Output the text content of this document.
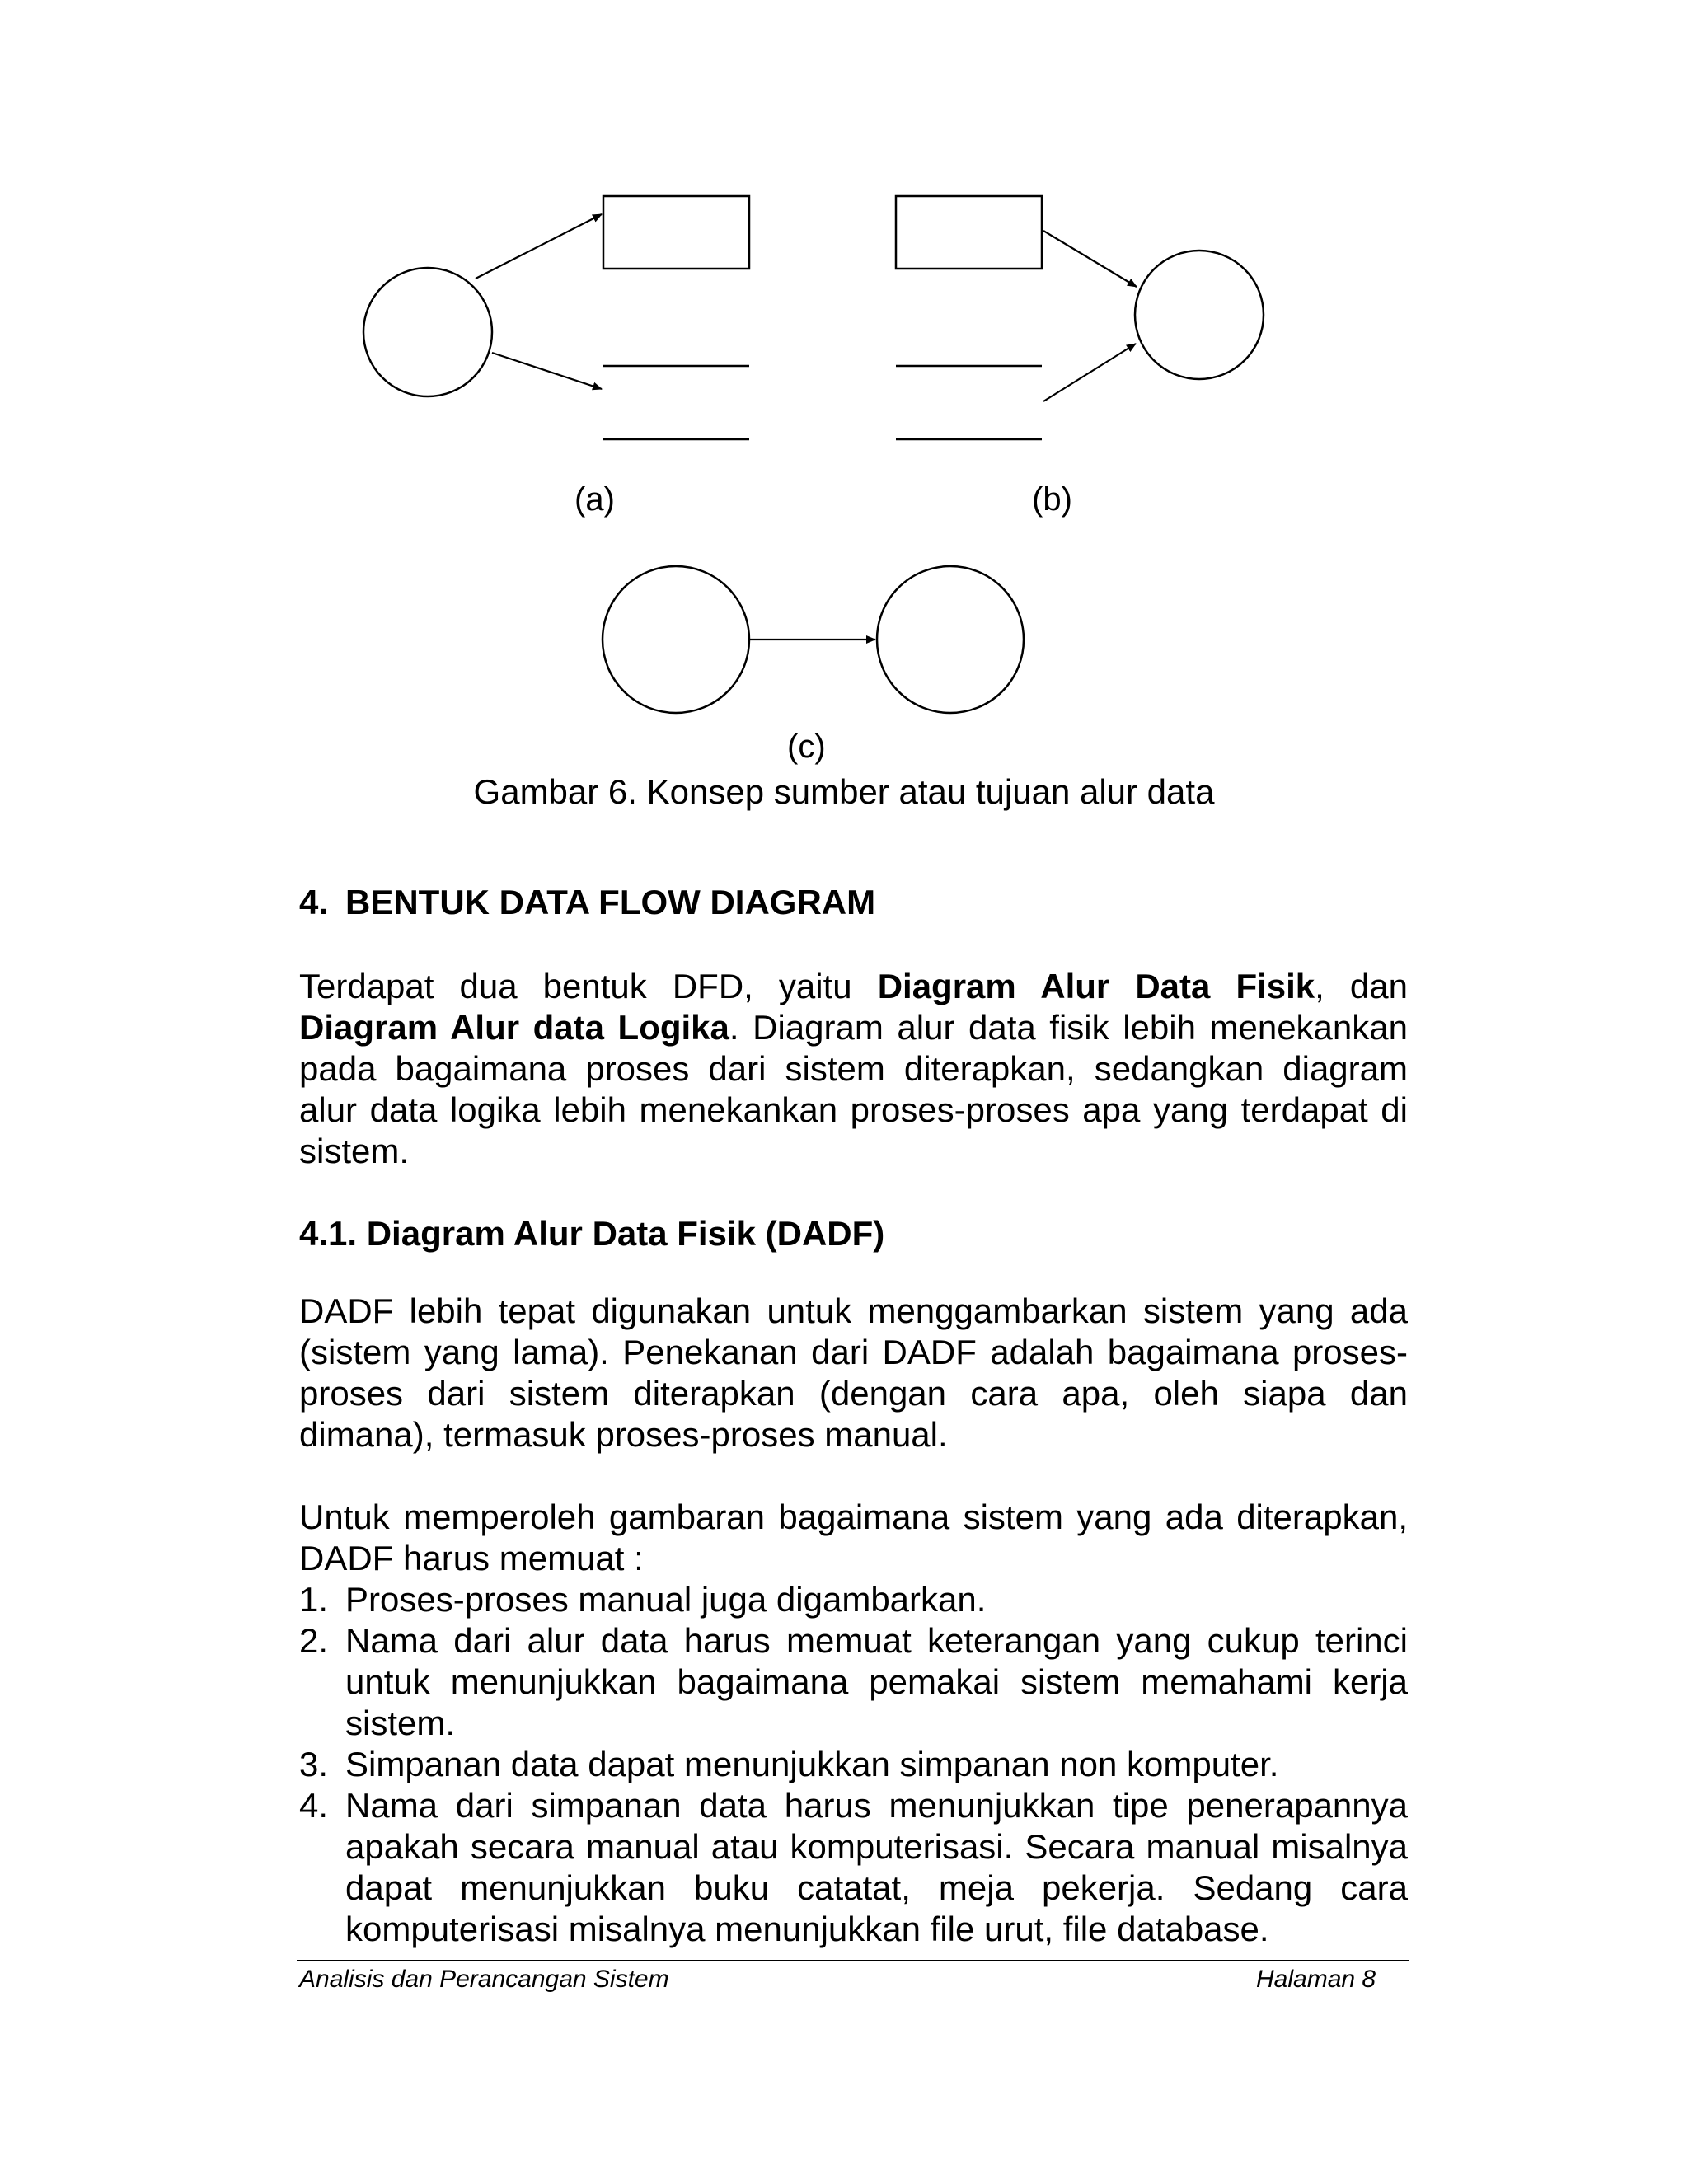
(a)	(b)
(c)
Gambar 6. Konsep sumber atau tujuan alur data
4. BENTUK DATA FLOW DIAGRAM

Terdapat dua bentuk DFD, yaitu Diagram Alur Data Fisik, dan Diagram Alur data Logika. Diagram alur data fisik lebih menekankan pada bagaimana proses dari sistem diterapkan, sedangkan diagram alur data logika lebih menekankan proses-proses apa yang terdapat di sistem.

4.1. Diagram Alur Data Fisik (DADF)

DADF lebih tepat digunakan untuk menggambarkan sistem yang ada (sistem yang lama). Penekanan dari DADF adalah bagaimana proses-proses dari sistem diterapkan (dengan cara apa, oleh siapa dan dimana), termasuk proses-proses manual.

Untuk memperoleh gambaran bagaimana sistem yang ada diterapkan, DADF harus memuat :

1. Proses-proses manual juga digambarkan.
2. Nama dari alur data harus memuat keterangan yang cukup terinci untuk menunjukkan bagaimana pemakai sistem memahami kerja sistem.
3. Simpanan data dapat menunjukkan simpanan non komputer.
4. Nama dari simpanan data harus menunjukkan tipe penerapannya apakah secara manual atau komputerisasi. Secara manual misalnya dapat menunjukkan buku catatat, meja pekerja. Sedang cara komputerisasi misalnya menunjukkan file urut, file database.
Analisis dan Perancangan Sistem	Halaman 8
